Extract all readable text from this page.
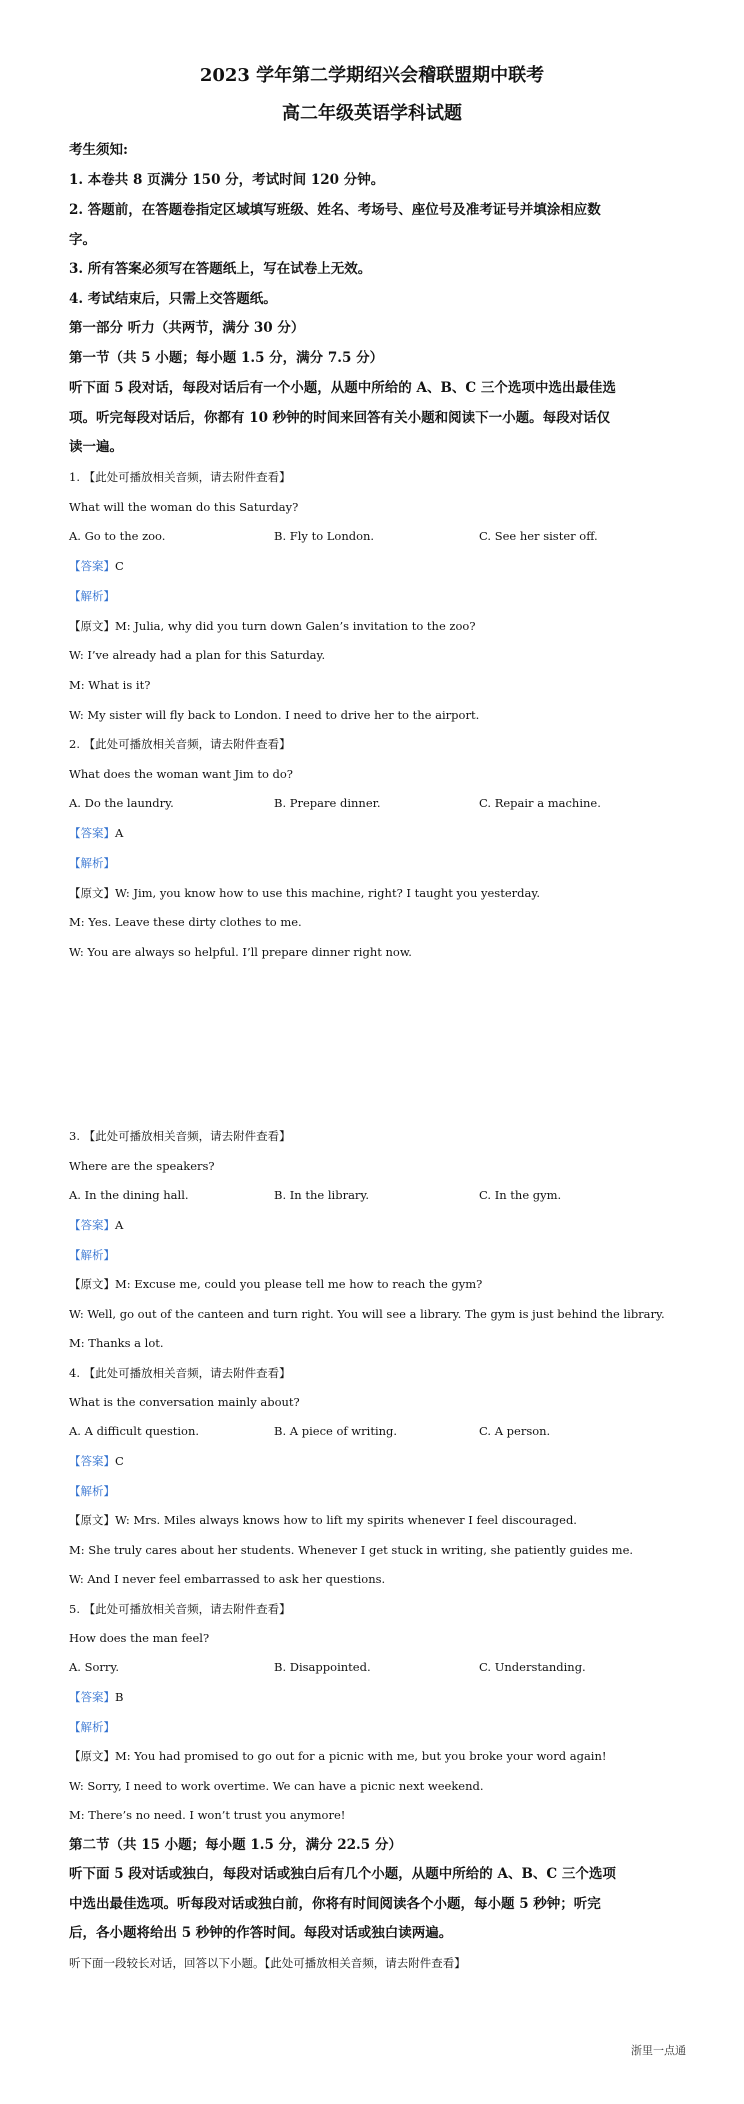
2023 学年第二学期绍兴会稽联盟期中联考
高二年级英语学科试题
考生须知:
1. 本卷共 8 页满分 150 分，考试时间 120 分钟。
2. 答题前，在答题卷指定区域填写班级、姓名、考场号、座位号及准考证号并填涂相应数
字。
3. 所有答案必须写在答题纸上，写在试卷上无效。
4. 考试结束后，只需上交答题纸。
第一部分 听力（共两节，满分 30 分）
第一节（共 5 小题；每小题 1.5 分，满分 7.5 分）
听下面 5 段对话，每段对话后有一个小题，从题中所给的 A、B、C 三个选项中选出最佳选
项。听完每段对话后，你都有 10 秒钟的时间来回答有关小题和阅读下一小题。每段对话仅
读一遍。
1. 【此处可播放相关音频，请去附件查看】
What will the woman do this Saturday?
A. Go to the zoo.	B. Fly to London.	C. See her sister off.
【答案】C
【解析】
【原文】M: Julia, why did you turn down Galen’s invitation to the zoo?
W: I’ve already had a plan for this Saturday.
M: What is it?
W: My sister will fly back to London. I need to drive her to the airport.
2. 【此处可播放相关音频，请去附件查看】
What does the woman want Jim to do?
A. Do the laundry.	B. Prepare dinner.	C. Repair a machine.
【答案】A
【解析】
【原文】W: Jim, you know how to use this machine, right? I taught you yesterday.
M: Yes. Leave these dirty clothes to me.
W: You are always so helpful. I’ll prepare dinner right now.
3. 【此处可播放相关音频，请去附件查看】
Where are the speakers?
A. In the dining hall.	B. In the library.	C. In the gym.
【答案】A
【解析】
【原文】M: Excuse me, could you please tell me how to reach the gym?
W: Well, go out of the canteen and turn right. You will see a library. The gym is just behind the library.
M: Thanks a lot.
4. 【此处可播放相关音频，请去附件查看】
What is the conversation mainly about?
A. A difficult question.	B. A piece of writing.	C. A person.
【答案】C
【解析】
【原文】W: Mrs. Miles always knows how to lift my spirits whenever I feel discouraged.
M: She truly cares about her students. Whenever I get stuck in writing, she patiently guides me.
W: And I never feel embarrassed to ask her questions.
5. 【此处可播放相关音频，请去附件查看】
How does the man feel?
A. Sorry.	B. Disappointed.	C. Understanding.
【答案】B
【解析】
【原文】M: You had promised to go out for a picnic with me, but you broke your word again!
W: Sorry, I need to work overtime. We can have a picnic next weekend.
M: There’s no need. I won’t trust you anymore!
第二节（共 15 小题；每小题 1.5 分，满分 22.5 分）
听下面 5 段对话或独白，每段对话或独白后有几个小题，从题中所给的 A、B、C 三个选项
中选出最佳选项。听每段对话或独白前，你将有时间阅读各个小题，每小题 5 秒钟；听完
后，各小题将给出 5 秒钟的作答时间。每段对话或独白读两遍。
听下面一段较长对话，回答以下小题。【此处可播放相关音频，请去附件查看】
浙里一点通
